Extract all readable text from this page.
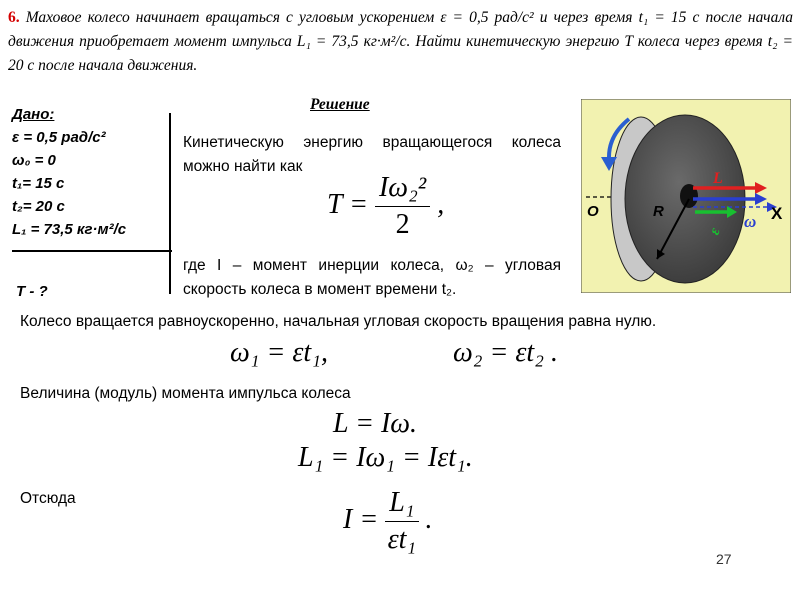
6. Маховое колесо начинает вращаться с угловым ускорением ε = 0,5 рад/с² и через время t₁ = 15 с после начала движения приобретает момент импульса L₁ = 73,5 кг·м²/с. Найти кинетическую энергию T колеса через время t₂ = 20 с после начала движения.
Дано:
ε = 0,5 рад/с²
ω₀ = 0
t₁= 15 с
t₂= 20 с
L₁ = 73,5 кг·м²/с
T - ?
Решение
Кинетическую энергию вращающегося колеса можно найти как
$T = \frac{\text{Iω₂²}}{2}$ ,
где I – момент инерции колеса, ω₂ – угловая скорость колеса в момент времени t₂.
Колесо вращается равноускоренно, начальная угловая скорость вращения равна нулю.
ω₁ = εt₁,	ω₂ = εt₂ .
Величина (модуль) момента импульса колеса
L = Iω.
L₁ = Iω₁ = Iεt₁.
Отсюда
$I = \frac{\text{L₁}}{\text{εt₁}}$ .
O	R	X
L
ω
ε
27
